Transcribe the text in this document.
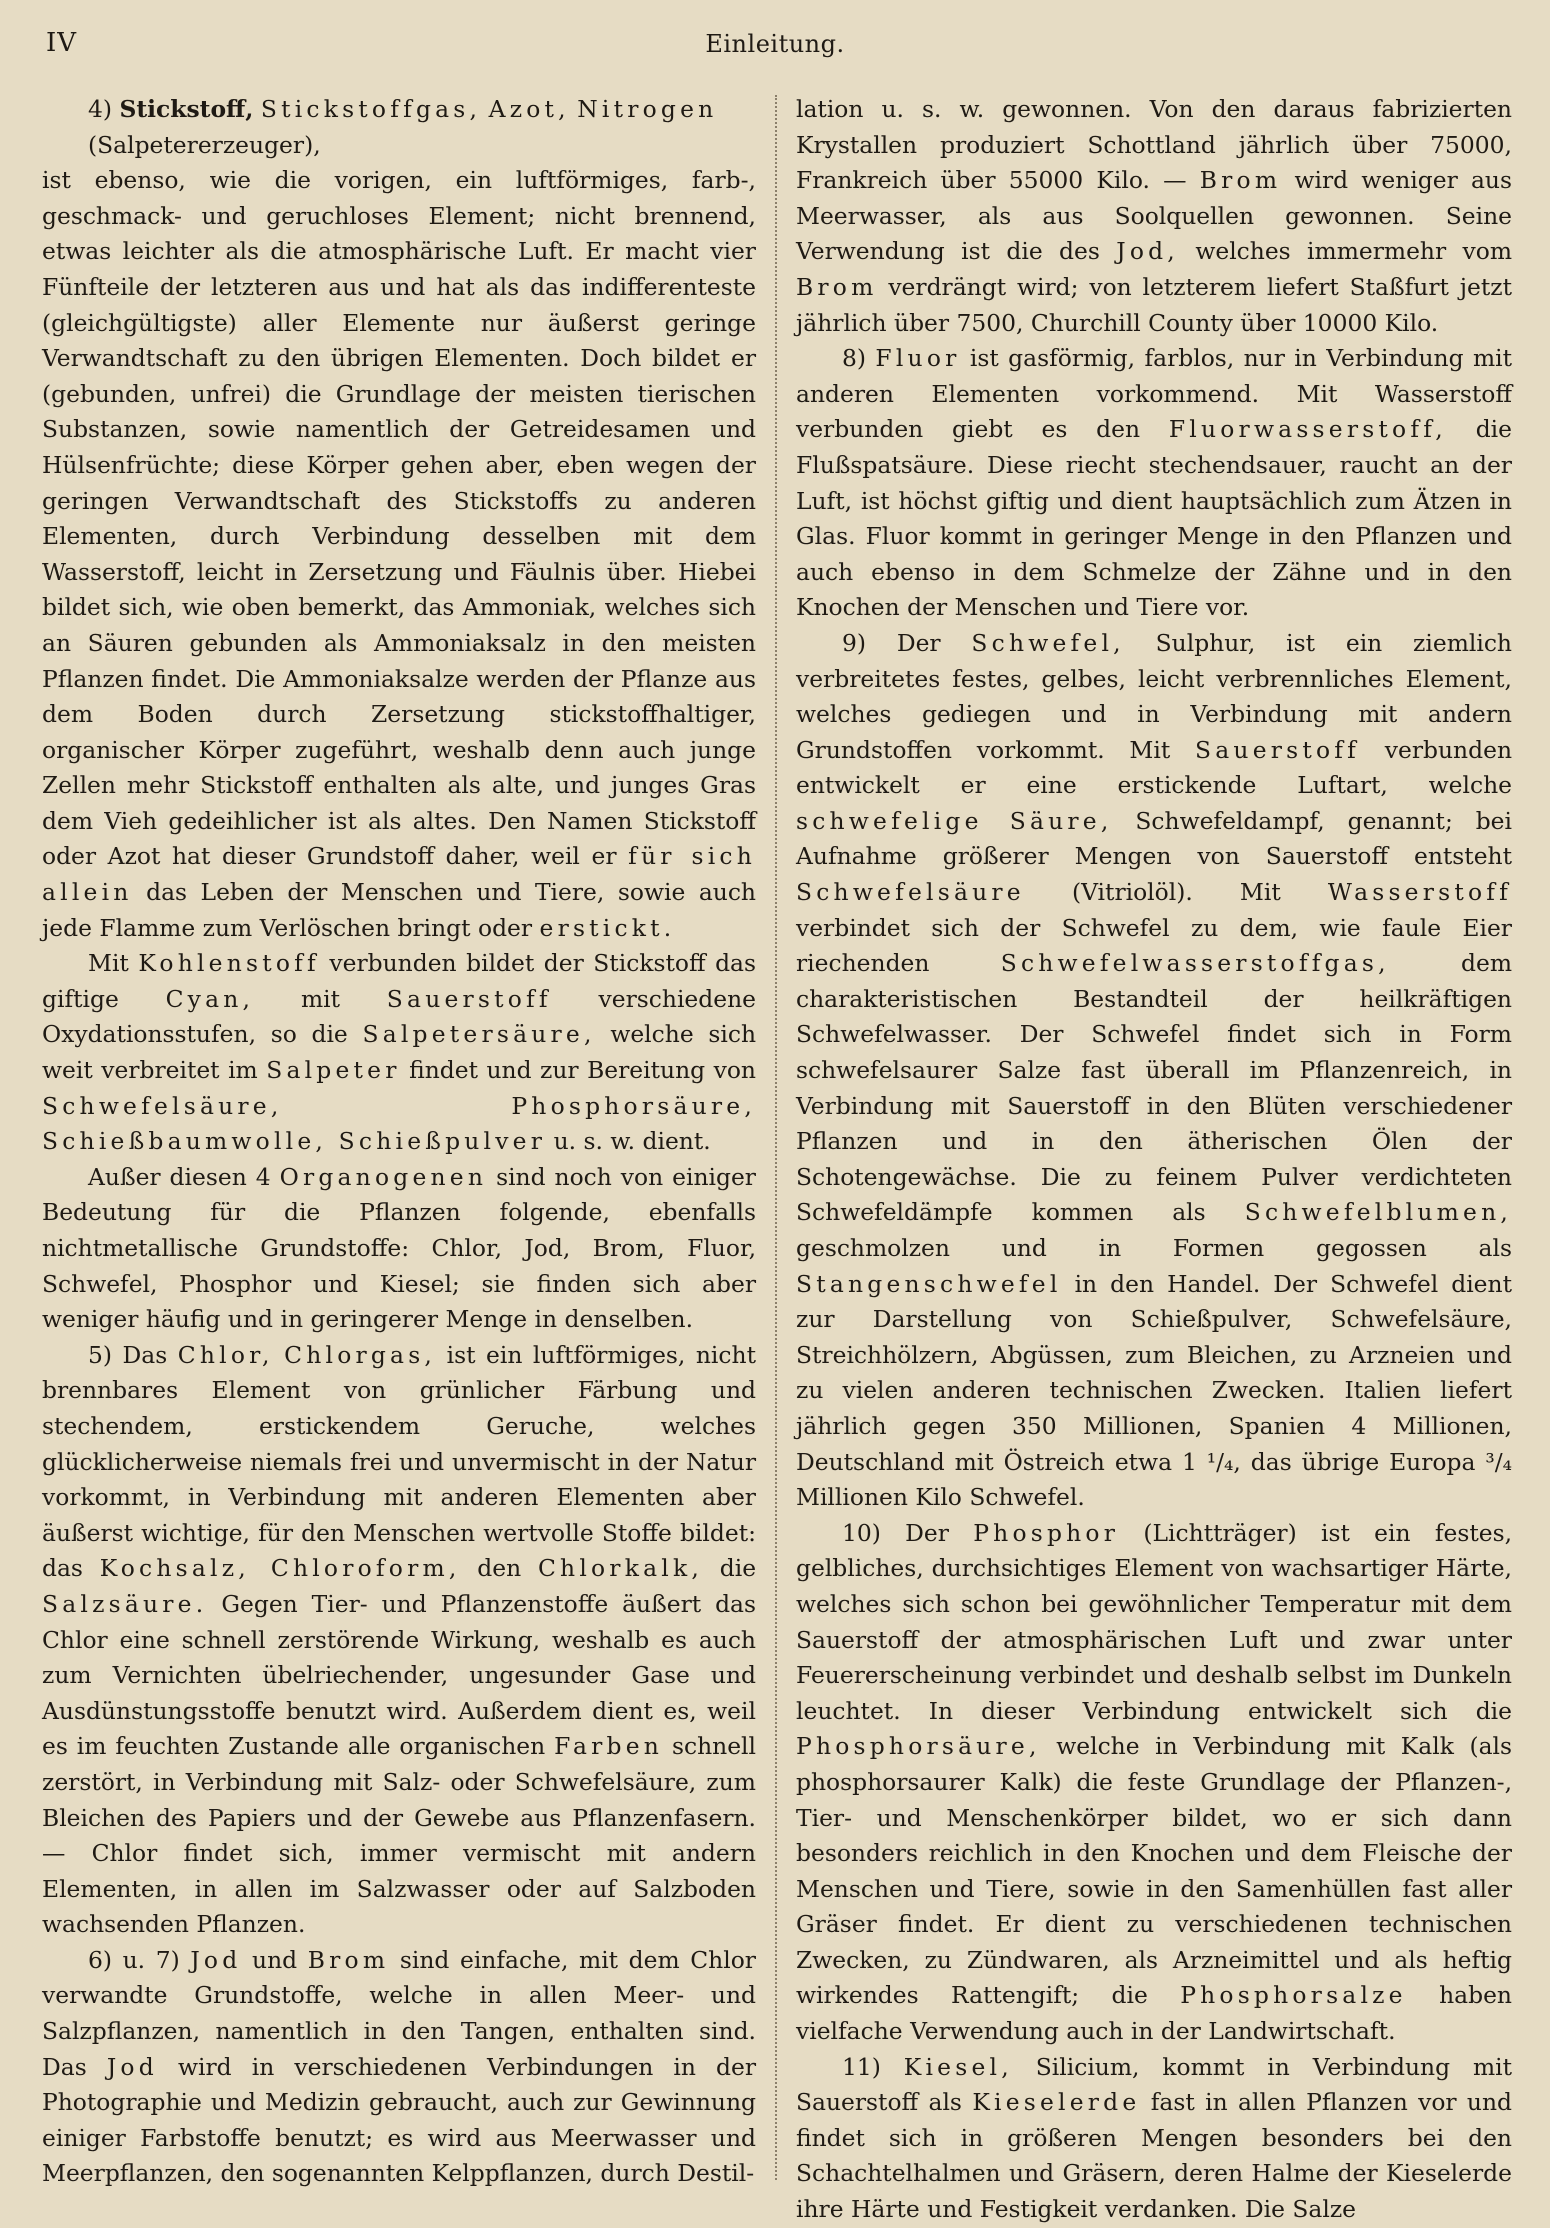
IV	Einleitung.

4) Stickstoff, Stickstoffgas, Azot, Nitrogen

(Salpetererzeuger),

ist ebenso, wie die vorigen, ein luftförmiges, farb-, geschmack- und geruchloses Element; nicht brennend, etwas leichter als die atmosphärische Luft. Er macht vier Fünfteile der letzteren aus und hat als das indifferenteste (gleichgültigste) aller Elemente nur äußerst geringe Verwandtschaft zu den übrigen Elementen. Doch bildet er (gebunden, unfrei) die Grundlage der meisten tierischen Substanzen, sowie namentlich der Getreidesamen und Hülsenfrüchte; diese Körper gehen aber, eben wegen der geringen Verwandtschaft des Stickstoffs zu anderen Elementen, durch Verbindung desselben mit dem Wasserstoff, leicht in Zersetzung und Fäulnis über. Hiebei bildet sich, wie oben bemerkt, das Ammoniak, welches sich an Säuren gebunden als Ammoniaksalz in den meisten Pflanzen findet. Die Ammoniaksalze werden der Pflanze aus dem Boden durch Zersetzung stickstoffhaltiger, organischer Körper zugeführt, weshalb denn auch junge Zellen mehr Stickstoff enthalten als alte, und junges Gras dem Vieh gedeihlicher ist als altes. Den Namen Stickstoff oder Azot hat dieser Grundstoff daher, weil er für sich allein das Leben der Menschen und Tiere, sowie auch jede Flamme zum Verlöschen bringt oder erstickt.

Mit Kohlenstoff verbunden bildet der Stickstoff das giftige Cyan, mit Sauerstoff verschiedene Oxydationsstufen, so die Salpetersäure, welche sich weit verbreitet im Salpeter findet und zur Bereitung von Schwefelsäure, Phosphorsäure, Schießbaumwolle, Schießpulver u. s. w. dient.

Außer diesen 4 Organogenen sind noch von einiger Bedeutung für die Pflanzen folgende, ebenfalls nichtmetallische Grundstoffe: Chlor, Jod, Brom, Fluor, Schwefel, Phosphor und Kiesel; sie finden sich aber weniger häufig und in geringerer Menge in denselben.

5) Das Chlor, Chlorgas, ist ein luftförmiges, nicht brennbares Element von grünlicher Färbung und stechendem, erstickendem Geruche, welches glücklicherweise niemals frei und unvermischt in der Natur vorkommt, in Verbindung mit anderen Elementen aber äußerst wichtige, für den Menschen wertvolle Stoffe bildet: das Kochsalz, Chloroform, den Chlorkalk, die Salzsäure. Gegen Tier- und Pflanzenstoffe äußert das Chlor eine schnell zerstörende Wirkung, weshalb es auch zum Vernichten übelriechender, ungesunder Gase und Ausdünstungsstoffe benutzt wird. Außerdem dient es, weil es im feuchten Zustande alle organischen Farben schnell zerstört, in Verbindung mit Salz- oder Schwefelsäure, zum Bleichen des Papiers und der Gewebe aus Pflanzenfasern. — Chlor findet sich, immer vermischt mit andern Elementen, in allen im Salzwasser oder auf Salzboden wachsenden Pflanzen.

6) u. 7) Jod und Brom sind einfache, mit dem Chlor verwandte Grundstoffe, welche in allen Meer- und Salzpflanzen, namentlich in den Tangen, enthalten sind. Das Jod wird in verschiedenen Verbindungen in der Photographie und Medizin gebraucht, auch zur Gewinnung einiger Farbstoffe benutzt; es wird aus Meerwasser und Meerpflanzen, den sogenannten Kelppflanzen, durch Destil-

lation u. s. w. gewonnen. Von den daraus fabrizierten Krystallen produziert Schottland jährlich über 75000, Frankreich über 55000 Kilo. — Brom wird weniger aus Meerwasser, als aus Soolquellen gewonnen. Seine Verwendung ist die des Jod, welches immermehr vom Brom verdrängt wird; von letzterem liefert Staßfurt jetzt jährlich über 7500, Churchill County über 10000 Kilo.

8) Fluor ist gasförmig, farblos, nur in Verbindung mit anderen Elementen vorkommend. Mit Wasserstoff verbunden giebt es den Fluorwasserstoff, die Flußspatsäure. Diese riecht stechendsauer, raucht an der Luft, ist höchst giftig und dient hauptsächlich zum Ätzen in Glas. Fluor kommt in geringer Menge in den Pflanzen und auch ebenso in dem Schmelze der Zähne und in den Knochen der Menschen und Tiere vor.

9) Der Schwefel, Sulphur, ist ein ziemlich verbreitetes festes, gelbes, leicht verbrennliches Element, welches gediegen und in Verbindung mit andern Grundstoffen vorkommt. Mit Sauerstoff verbunden entwickelt er eine erstickende Luftart, welche schwefelige Säure, Schwefeldampf, genannt; bei Aufnahme größerer Mengen von Sauerstoff entsteht Schwefelsäure (Vitriolöl). Mit Wasserstoff verbindet sich der Schwefel zu dem, wie faule Eier riechenden	Schwefelwasserstoffgas,	dem charakteristischen Bestandteil der heilkräftigen Schwefelwasser. Der Schwefel findet sich in Form schwefelsaurer Salze fast überall im Pflanzenreich, in Verbindung mit Sauerstoff in den Blüten verschiedener Pflanzen und in den ätherischen Ölen der Schotengewächse. Die zu feinem Pulver verdichteten Schwefeldämpfe kommen als Schwefelblumen, geschmolzen und in Formen gegossen als Stangenschwefel in den Handel. Der Schwefel dient zur Darstellung von Schießpulver, Schwefelsäure, Streichhölzern, Abgüssen, zum Bleichen, zu Arzneien und zu vielen anderen technischen Zwecken. Italien liefert jährlich gegen 350 Millionen, Spanien 4 Millionen, Deutschland mit Östreich etwa 1 ¹/₄, das übrige Europa ³/₄ Millionen Kilo Schwefel.

10) Der Phosphor (Lichtträger) ist ein festes, gelbliches, durchsichtiges Element von wachsartiger Härte, welches sich schon bei gewöhnlicher Temperatur mit dem Sauerstoff der atmosphärischen Luft und zwar unter Feuererscheinung verbindet und deshalb selbst im Dunkeln leuchtet. In dieser Verbindung entwickelt sich die Phosphorsäure, welche in Verbindung mit Kalk (als phosphorsaurer Kalk) die feste Grundlage der Pflanzen-, Tier- und Menschenkörper bildet, wo er sich dann besonders reichlich in den Knochen und dem Fleische der Menschen und Tiere, sowie in den Samenhüllen fast aller Gräser findet. Er dient zu verschiedenen technischen Zwecken, zu Zündwaren, als Arzneimittel und als heftig wirkendes Rattengift; die Phosphorsalze haben vielfache Verwendung auch in der Landwirtschaft.

11) Kiesel, Silicium, kommt in Verbindung mit Sauerstoff als Kieselerde fast in allen Pflanzen vor und findet sich in größeren Mengen besonders bei den Schachtelhalmen und Gräsern, deren Halme der Kieselerde ihre Härte und Festigkeit verdanken. Die Salze
